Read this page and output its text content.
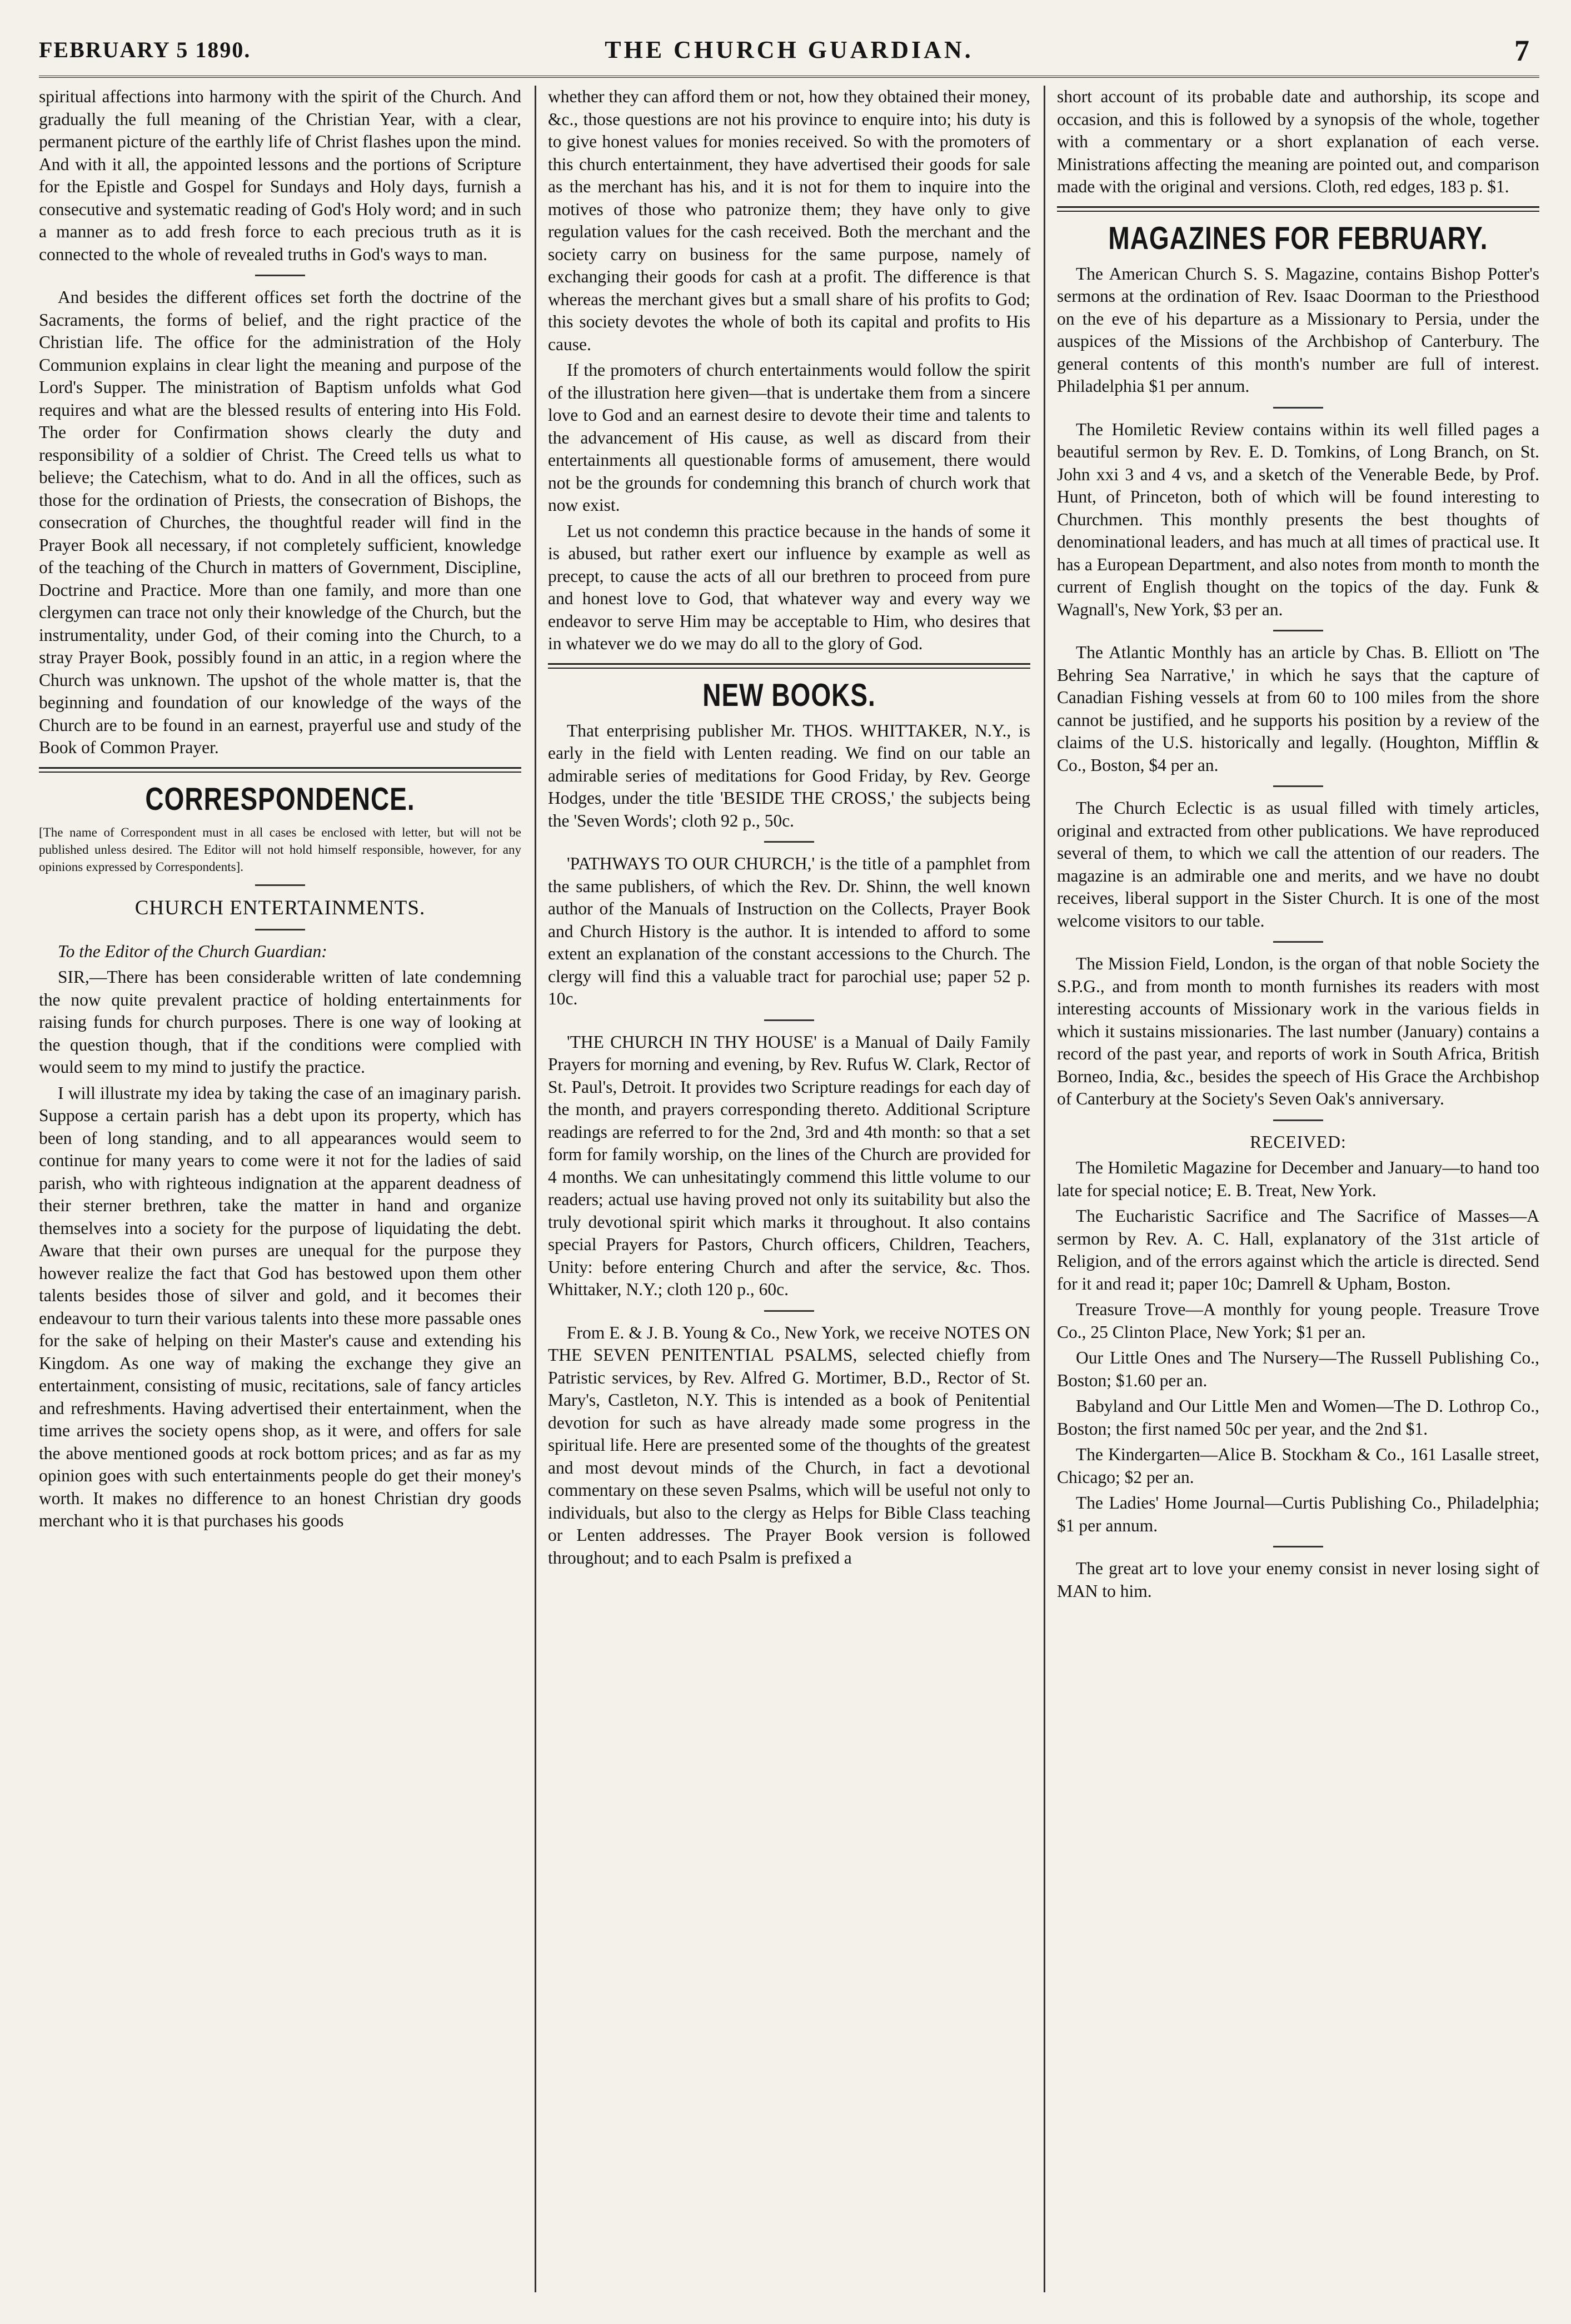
FEBRUARY 5 1890.	THE CHURCH GUARDIAN.	7

spiritual affections into harmony with the spirit of the Church. And gradually the full meaning of the Christian Year, with a clear, permanent picture of the earthly life of Christ flashes upon the mind. And with it all, the appointed lessons and the portions of Scripture for the Epistle and Gospel for Sundays and Holy days, furnish a consecutive and systematic reading of God's Holy word; and in such a manner as to add fresh force to each precious truth as it is connected to the whole of revealed truths in God's ways to man.

And besides the different offices set forth the doctrine of the Sacraments, the forms of belief, and the right practice of the Christian life. The office for the administration of the Holy Communion explains in clear light the meaning and purpose of the Lord's Supper. The ministration of Baptism unfolds what God requires and what are the blessed results of entering into His Fold. The order for Confirmation shows clearly the duty and responsibility of a soldier of Christ. The Creed tells us what to believe; the Catechism, what to do. And in all the offices, such as those for the ordination of Priests, the consecration of Bishops, the consecration of Churches, the thoughtful reader will find in the Prayer Book all necessary, if not completely sufficient, knowledge of the teaching of the Church in matters of Government, Discipline, Doctrine and Practice. More than one family, and more than one clergymen can trace not only their knowledge of the Church, but the instrumentality, under God, of their coming into the Church, to a stray Prayer Book, possibly found in an attic, in a region where the Church was unknown. The upshot of the whole matter is, that the beginning and foundation of our knowledge of the ways of the Church are to be found in an earnest, prayerful use and study of the Book of Common Prayer.

CORRESPONDENCE.

[The name of Correspondent must in all cases be enclosed with letter, but will not be published unless desired. The Editor will not hold himself responsible, however, for any opinions expressed by Correspondents].

CHURCH ENTERTAINMENTS.

To the Editor of the Church Guardian:

SIR,—There has been considerable written of late condemning the now quite prevalent practice of holding entertainments for raising funds for church purposes. There is one way of looking at the question though, that if the conditions were complied with would seem to my mind to justify the practice.

I will illustrate my idea by taking the case of an imaginary parish. Suppose a certain parish has a debt upon its property, which has been of long standing, and to all appearances would seem to continue for many years to come were it not for the ladies of said parish, who with righteous indignation at the apparent deadness of their sterner brethren, take the matter in hand and organize themselves into a society for the purpose of liquidating the debt. Aware that their own purses are unequal for the purpose they however realize the fact that God has bestowed upon them other talents besides those of silver and gold, and it becomes their endeavour to turn their various talents into these more passable ones for the sake of helping on their Master's cause and extending his Kingdom. As one way of making the exchange they give an entertainment, consisting of music, recitations, sale of fancy articles and refreshments. Having advertised their entertainment, when the time arrives the society opens shop, as it were, and offers for sale the above mentioned goods at rock bottom prices; and as far as my opinion goes with such entertainments people do get their money's worth. It makes no difference to an honest Christian dry goods merchant who it is that purchases his goods

whether they can afford them or not, how they obtained their money, &c., those questions are not his province to enquire into; his duty is to give honest values for monies received. So with the promoters of this church entertainment, they have advertised their goods for sale as the merchant has his, and it is not for them to inquire into the motives of those who patronize them; they have only to give regulation values for the cash received. Both the merchant and the society carry on business for the same purpose, namely of exchanging their goods for cash at a profit. The difference is that whereas the merchant gives but a small share of his profits to God; this society devotes the whole of both its capital and profits to His cause.

If the promoters of church entertainments would follow the spirit of the illustration here given—that is undertake them from a sincere love to God and an earnest desire to devote their time and talents to the advancement of His cause, as well as discard from their entertainments all questionable forms of amusement, there would not be the grounds for condemning this branch of church work that now exist.

Let us not condemn this practice because in the hands of some it is abused, but rather exert our influence by example as well as precept, to cause the acts of all our brethren to proceed from pure and honest love to God, that whatever way and every way we endeavor to serve Him may be acceptable to Him, who desires that in whatever we do we may do all to the glory of God.

NEW BOOKS.

That enterprising publisher Mr. THOS. WHITTAKER, N.Y., is early in the field with Lenten reading. We find on our table an admirable series of meditations for Good Friday, by Rev. George Hodges, under the title 'BESIDE THE CROSS,' the subjects being the 'Seven Words'; cloth 92 p., 50c.

'PATHWAYS TO OUR CHURCH,' is the title of a pamphlet from the same publishers, of which the Rev. Dr. Shinn, the well known author of the Manuals of Instruction on the Collects, Prayer Book and Church History is the author. It is intended to afford to some extent an explanation of the constant accessions to the Church. The clergy will find this a valuable tract for parochial use; paper 52 p. 10c.

'THE CHURCH IN THY HOUSE' is a Manual of Daily Family Prayers for morning and evening, by Rev. Rufus W. Clark, Rector of St. Paul's, Detroit. It provides two Scripture readings for each day of the month, and prayers corresponding thereto. Additional Scripture readings are referred to for the 2nd, 3rd and 4th month: so that a set form for family worship, on the lines of the Church are provided for 4 months. We can unhesitatingly commend this little volume to our readers; actual use having proved not only its suitability but also the truly devotional spirit which marks it throughout. It also contains special Prayers for Pastors, Church officers, Children, Teachers, Unity: before entering Church and after the service, &c. Thos. Whittaker, N.Y.; cloth 120 p., 60c.

From E. & J. B. Young & Co., New York, we receive NOTES ON THE SEVEN PENITENTIAL PSALMS, selected chiefly from Patristic services, by Rev. Alfred G. Mortimer, B.D., Rector of St. Mary's, Castleton, N.Y. This is intended as a book of Penitential devotion for such as have already made some progress in the spiritual life. Here are presented some of the thoughts of the greatest and most devout minds of the Church, in fact a devotional commentary on these seven Psalms, which will be useful not only to individuals, but also to the clergy as Helps for Bible Class teaching or Lenten addresses. The Prayer Book version is followed throughout; and to each Psalm is prefixed a

short account of its probable date and authorship, its scope and occasion, and this is followed by a synopsis of the whole, together with a commentary or a short explanation of each verse. Ministrations affecting the meaning are pointed out, and comparison made with the original and versions. Cloth, red edges, 183 p. $1.

MAGAZINES FOR FEBRUARY.

The American Church S. S. Magazine, contains Bishop Potter's sermons at the ordination of Rev. Isaac Doorman to the Priesthood on the eve of his departure as a Missionary to Persia, under the auspices of the Missions of the Archbishop of Canterbury. The general contents of this month's number are full of interest. Philadelphia $1 per annum.

The Homiletic Review contains within its well filled pages a beautiful sermon by Rev. E. D. Tomkins, of Long Branch, on St. John xxi 3 and 4 vs, and a sketch of the Venerable Bede, by Prof. Hunt, of Princeton, both of which will be found interesting to Churchmen. This monthly presents the best thoughts of denominational leaders, and has much at all times of practical use. It has a European Department, and also notes from month to month the current of English thought on the topics of the day. Funk & Wagnall's, New York, $3 per an.

The Atlantic Monthly has an article by Chas. B. Elliott on 'The Behring Sea Narrative,' in which he says that the capture of Canadian Fishing vessels at from 60 to 100 miles from the shore cannot be justified, and he supports his position by a review of the claims of the U.S. historically and legally. (Houghton, Mifflin & Co., Boston, $4 per an.

The Church Eclectic is as usual filled with timely articles, original and extracted from other publications. We have reproduced several of them, to which we call the attention of our readers. The magazine is an admirable one and merits, and we have no doubt receives, liberal support in the Sister Church. It is one of the most welcome visitors to our table.

The Mission Field, London, is the organ of that noble Society the S.P.G., and from month to month furnishes its readers with most interesting accounts of Missionary work in the various fields in which it sustains missionaries. The last number (January) contains a record of the past year, and reports of work in South Africa, British Borneo, India, &c., besides the speech of His Grace the Archbishop of Canterbury at the Society's Seven Oak's anniversary.

RECEIVED:

The Homiletic Magazine for December and January—to hand too late for special notice; E. B. Treat, New York.

The Eucharistic Sacrifice and The Sacrifice of Masses—A sermon by Rev. A. C. Hall, explanatory of the 31st article of Religion, and of the errors against which the article is directed. Send for it and read it; paper 10c; Damrell & Upham, Boston.

Treasure Trove—A monthly for young people. Treasure Trove Co., 25 Clinton Place, New York; $1 per an.

Our Little Ones and The Nursery—The Russell Publishing Co., Boston; $1.60 per an.

Babyland and Our Little Men and Women—The D. Lothrop Co., Boston; the first named 50c per year, and the 2nd $1.

The Kindergarten—Alice B. Stockham & Co., 161 Lasalle street, Chicago; $2 per an.

The Ladies' Home Journal—Curtis Publishing Co., Philadelphia; $1 per annum.

The great art to love your enemy consist in never losing sight of MAN to him.
